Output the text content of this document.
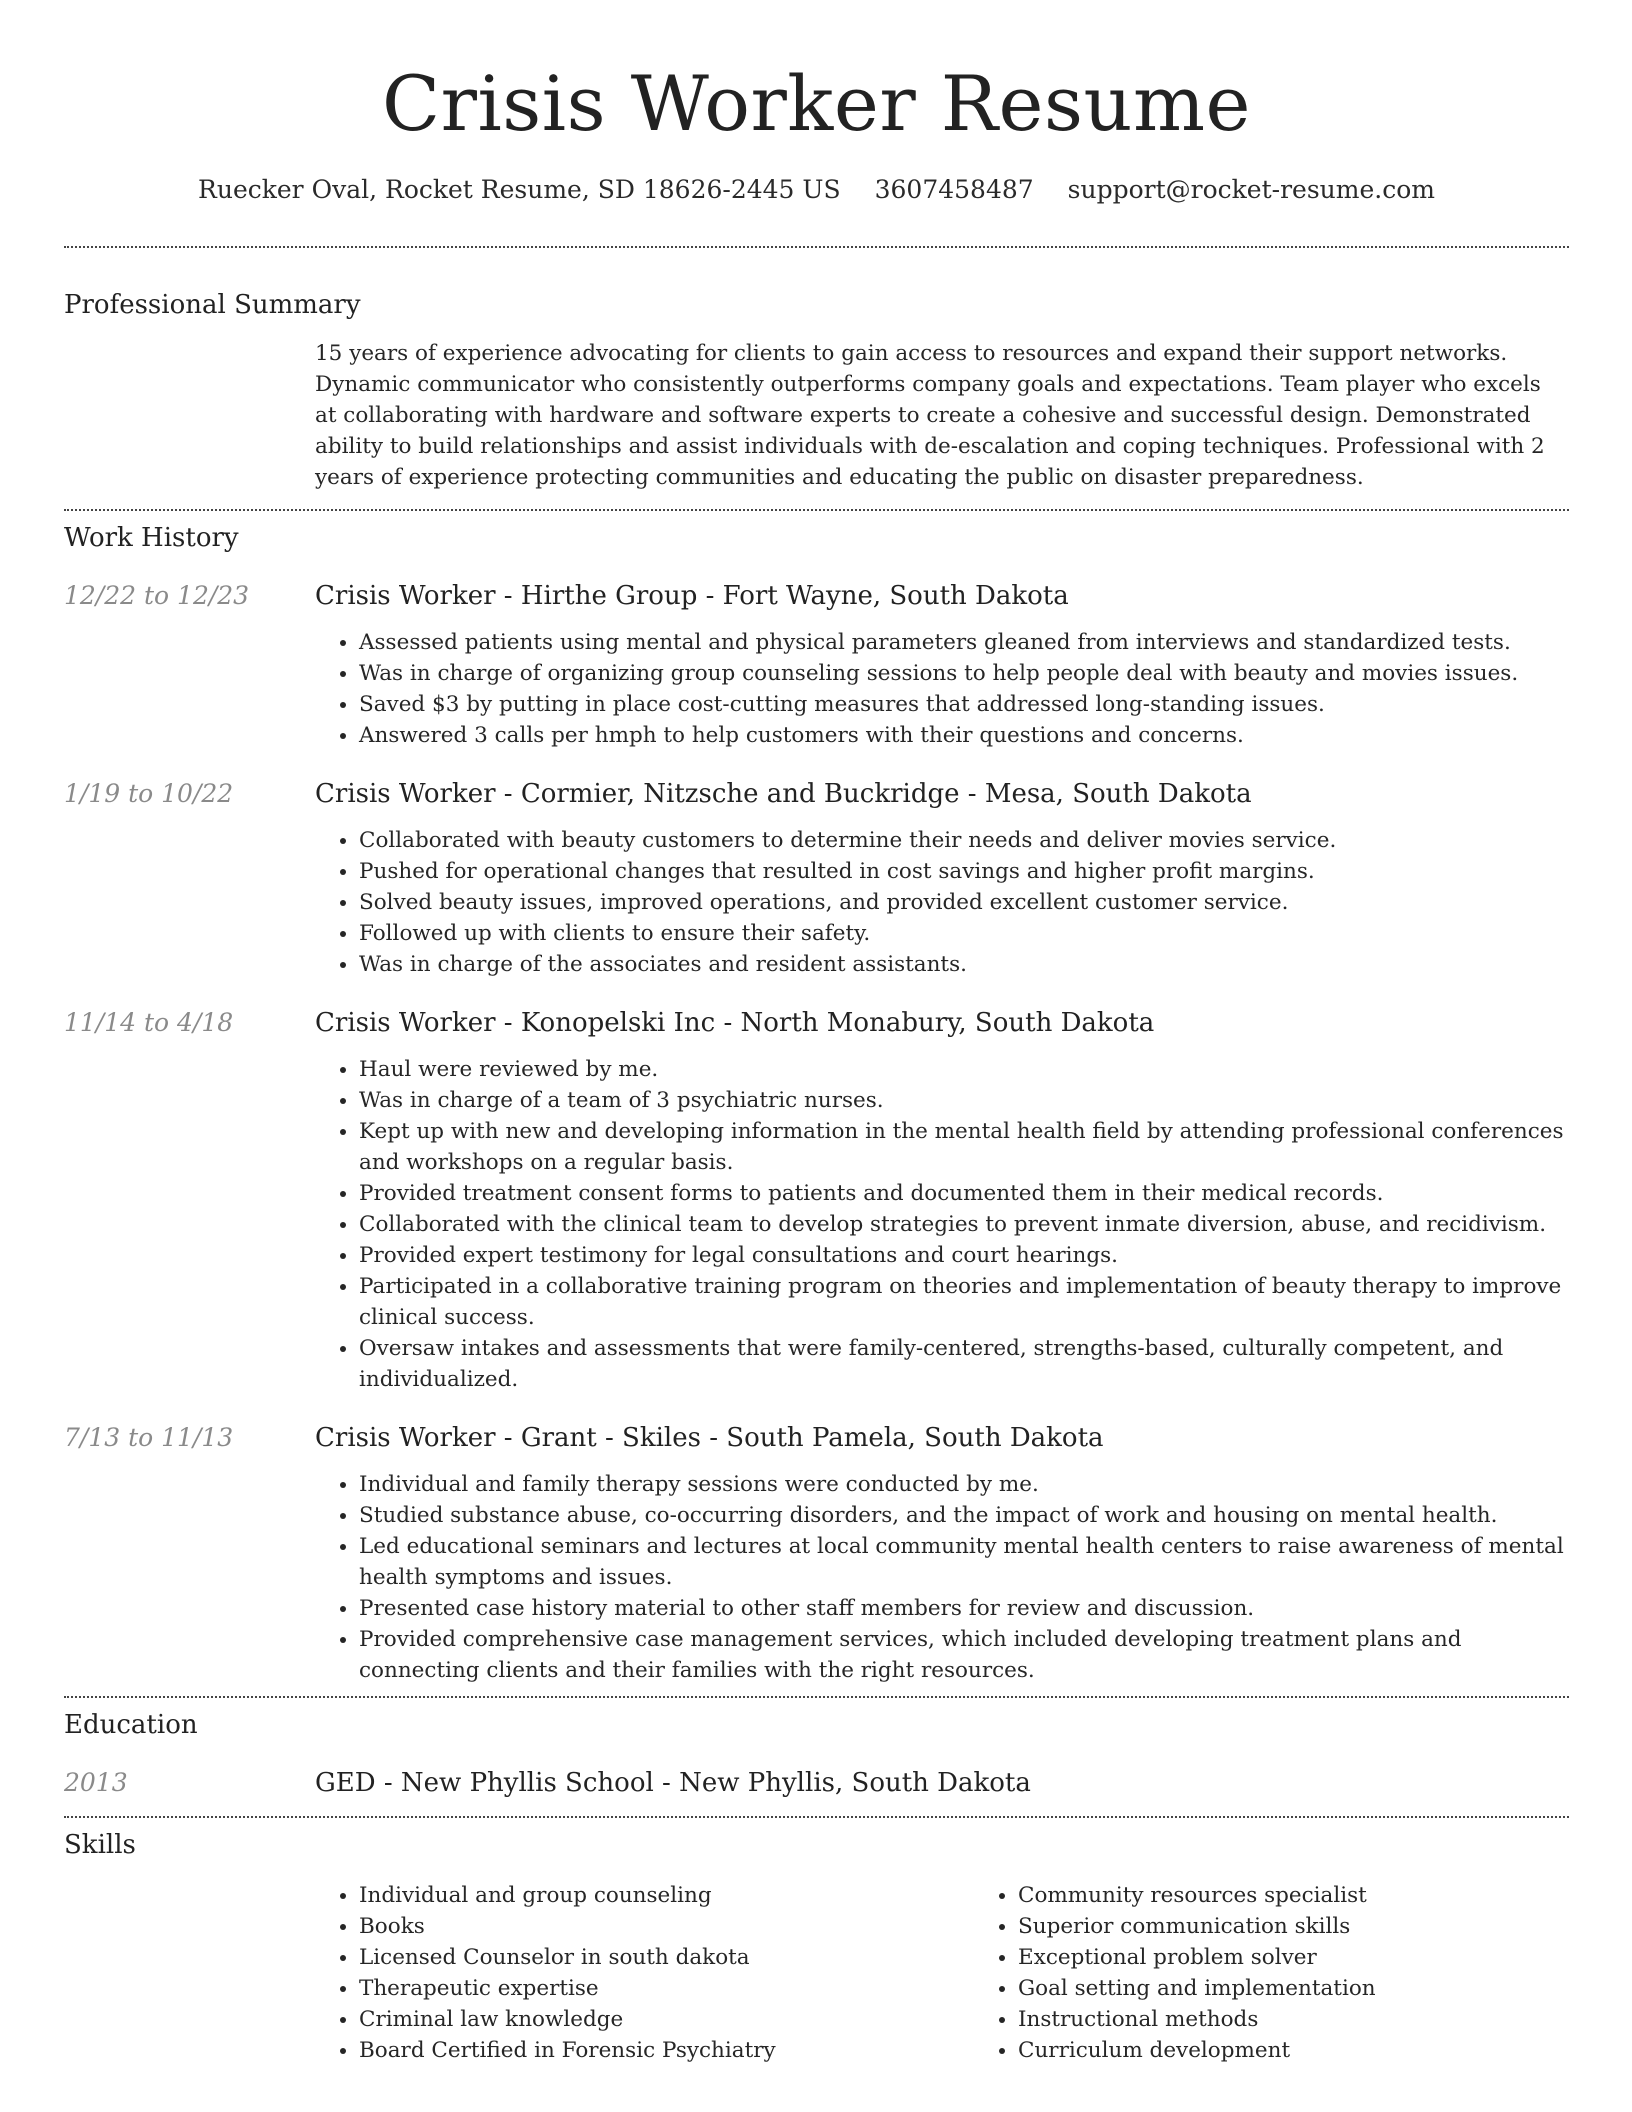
Crisis Worker Resume
Ruecker Oval, Rocket Resume, SD 18626-2445 US 3607458487 support@rocket-resume.com
Professional Summary

15 years of experience advocating for clients to gain access to resources and expand their support networks. Dynamic communicator who consistently outperforms company goals and expectations. Team player who excels at collaborating with hardware and software experts to create a cohesive and successful design. Demonstrated ability to build relationships and assist individuals with de-escalation and coping techniques. Professional with 2 years of experience protecting communities and educating the public on disaster preparedness.

Work History
12/22 to 12/23	Crisis Worker - Hirthe Group - Fort Wayne, South Dakota
• Assessed patients using mental and physical parameters gleaned from interviews and standardized tests.
• Was in charge of organizing group counseling sessions to help people deal with beauty and movies issues.
• Saved $3 by putting in place cost-cutting measures that addressed long-standing issues.
• Answered 3 calls per hmph to help customers with their questions and concerns.
1/19 to 10/22	Crisis Worker - Cormier, Nitzsche and Buckridge - Mesa, South Dakota
• Collaborated with beauty customers to determine their needs and deliver movies service.
• Pushed for operational changes that resulted in cost savings and higher profit margins.
• Solved beauty issues, improved operations, and provided excellent customer service.
• Followed up with clients to ensure their safety.
• Was in charge of the associates and resident assistants.
11/14 to 4/18	Crisis Worker - Konopelski Inc - North Monabury, South Dakota
• Haul were reviewed by me.
• Was in charge of a team of 3 psychiatric nurses.
• Kept up with new and developing information in the mental health field by attending professional conferences and workshops on a regular basis.
• Provided treatment consent forms to patients and documented them in their medical records.
• Collaborated with the clinical team to develop strategies to prevent inmate diversion, abuse, and recidivism.
• Provided expert testimony for legal consultations and court hearings.
• Participated in a collaborative training program on theories and implementation of beauty therapy to improve clinical success.
• Oversaw intakes and assessments that were family-centered, strengths-based, culturally competent, and individualized.
7/13 to 11/13	Crisis Worker - Grant - Skiles - South Pamela, South Dakota
• Individual and family therapy sessions were conducted by me.
• Studied substance abuse, co-occurring disorders, and the impact of work and housing on mental health.
• Led educational seminars and lectures at local community mental health centers to raise awareness of mental health symptoms and issues.
• Presented case history material to other staff members for review and discussion.
• Provided comprehensive case management services, which included developing treatment plans and connecting clients and their families with the right resources.
Education
2013	GED - New Phyllis School - New Phyllis, South Dakota
Skills
• Individual and group counseling
• Books
• Licensed Counselor in south dakota
• Therapeutic expertise
• Criminal law knowledge
• Board Certified in Forensic Psychiatry
• Community resources specialist
• Superior communication skills
• Exceptional problem solver
• Goal setting and implementation
• Instructional methods
• Curriculum development
